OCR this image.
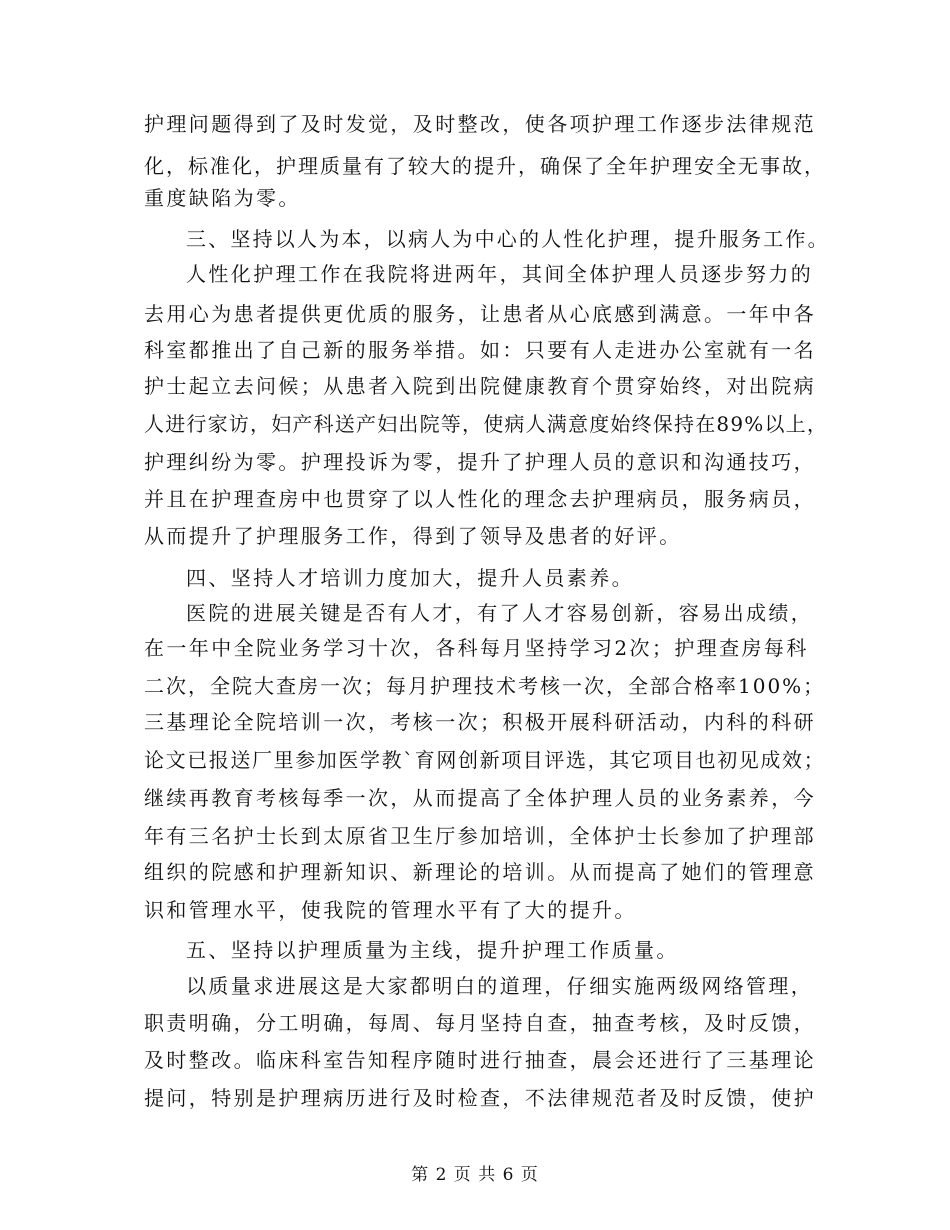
护理问题得到了及时发觉，及时整改，使各项护理工作逐步法律规范
化，标准化，护理质量有了较大的提升，确保了全年护理安全无事故，
重度缺陷为零。
三、坚持以人为本，以病人为中心的人性化护理，提升服务工作。
人性化护理工作在我院将进两年，其间全体护理人员逐步努力的
去用心为患者提供更优质的服务，让患者从心底感到满意。一年中各
科室都推出了自己新的服务举措。如：只要有人走进办公室就有一名
护士起立去问候；从患者入院到出院健康教育个贯穿始终，对出院病
人进行家访，妇产科送产妇出院等，使病人满意度始终保持在89%以上，
护理纠纷为零。护理投诉为零，提升了护理人员的意识和沟通技巧，
并且在护理查房中也贯穿了以人性化的理念去护理病员，服务病员，
从而提升了护理服务工作，得到了领导及患者的好评。
四、坚持人才培训力度加大，提升人员素养。
医院的进展关键是否有人才，有了人才容易创新，容易出成绩，
在一年中全院业务学习十次，各科每月坚持学习2次；护理查房每科
二次，全院大查房一次；每月护理技术考核一次，全部合格率100%；
三基理论全院培训一次，考核一次；积极开展科研活动，内科的科研
论文已报送厂里参加医学教`育网创新项目评选，其它项目也初见成效；
继续再教育考核每季一次，从而提高了全体护理人员的业务素养，今
年有三名护士长到太原省卫生厅参加培训，全体护士长参加了护理部
组织的院感和护理新知识、新理论的培训。从而提高了她们的管理意
识和管理水平，使我院的管理水平有了大的提升。
五、坚持以护理质量为主线，提升护理工作质量。
以质量求进展这是大家都明白的道理，仔细实施两级网络管理，
职责明确，分工明确，每周、每月坚持自查，抽查考核，及时反馈，
及时整改。临床科室告知程序随时进行抽查，晨会还进行了三基理论
提问，特别是护理病历进行及时检查，不法律规范者及时反馈，使护
第 2 页 共 6 页
